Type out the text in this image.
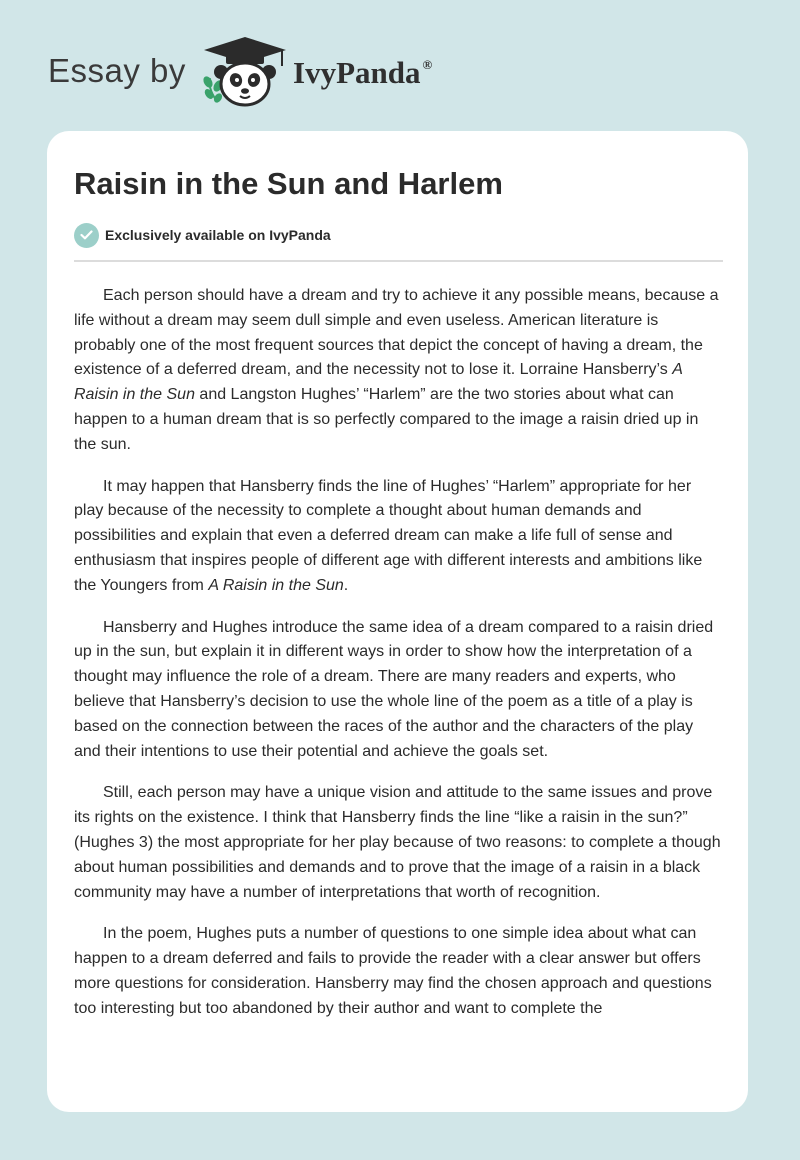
Essay by	IvyPanda ®
Raisin in the Sun and Harlem
Exclusively available on IvyPanda

Each person should have a dream and try to achieve it any possible means, because a life without a dream may seem dull simple and even useless. American literature is probably one of the most frequent sources that depict the concept of having a dream, the existence of a deferred dream, and the necessity not to lose it. Lorraine Hansberry’s A Raisin in the Sun and Langston Hughes’ “Harlem” are the two stories about what can happen to a human dream that is so perfectly compared to the image a raisin dried up in the sun.

It may happen that Hansberry finds the line of Hughes’ “Harlem” appropriate for her play because of the necessity to complete a thought about human demands and possibilities and explain that even a deferred dream can make a life full of sense and enthusiasm that inspires people of different age with different interests and ambitions like the Youngers from A Raisin in the Sun.

Hansberry and Hughes introduce the same idea of a dream compared to a raisin dried up in the sun, but explain it in different ways in order to show how the interpretation of a thought may influence the role of a dream. There are many readers and experts, who believe that Hansberry’s decision to use the whole line of the poem as a title of a play is based on the connection between the races of the author and the characters of the play and their intentions to use their potential and achieve the goals set.

Still, each person may have a unique vision and attitude to the same issues and prove its rights on the existence. I think that Hansberry finds the line “like a raisin in the sun?” (Hughes 3) the most appropriate for her play because of two reasons: to complete a though about human possibilities and demands and to prove that the image of a raisin in a black community may have a number of interpretations that worth of recognition.

In the poem, Hughes puts a number of questions to one simple idea about what can happen to a dream deferred and fails to provide the reader with a clear answer but offers more questions for consideration. Hansberry may find the chosen approach and questions too interesting but too abandoned by their author and want to complete the
